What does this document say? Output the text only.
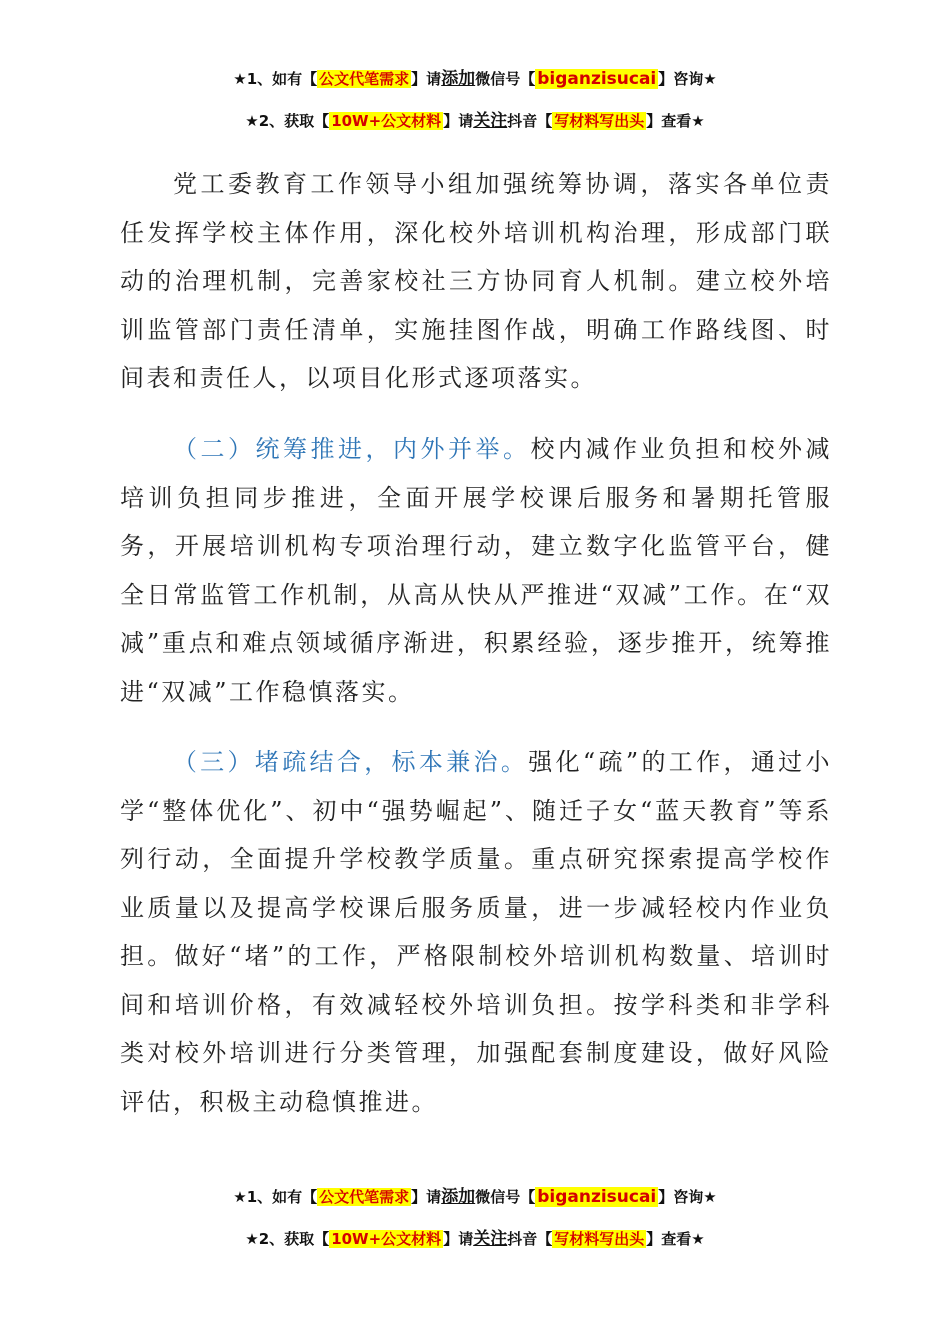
★1、如有【 公文代笔需求 】请添加微信号【 biganzisucai 】咨询★
★2、获取【 10W+公文材料 】请关注抖音【 写材料写出头 】查看★

党工委教育工作领导小组加强统筹协调，落实各单位责任发挥学校主体作用，深化校外培训机构治理，形成部门联动的治理机制，完善家校社三方协同育人机制。建立校外培训监管部门责任清单，实施挂图作战，明确工作路线图、时间表和责任人，以项目化形式逐项落实。

（二）统筹推进，内外并举。校内减作业负担和校外减培训负担同步推进，全面开展学校课后服务和暑期托管服务，开展培训机构专项治理行动，建立数字化监管平台，健全日常监管工作机制，从高从快从严推进“双减”工作。在“双减”重点和难点领域循序渐进，积累经验，逐步推开，统筹推进“双减”工作稳慎落实。

（三）堵疏结合，标本兼治。强化“疏”的工作，通过小学“整体优化”、初中“强势崛起”、随迁子女“蓝天教育”等系列行动，全面提升学校教学质量。重点研究探索提高学校作业质量以及提高学校课后服务质量，进一步减轻校内作业负担。做好“堵”的工作，严格限制校外培训机构数量、培训时间和培训价格，有效减轻校外培训负担。按学科类和非学科类对校外培训进行分类管理，加强配套制度建设，做好风险评估，积极主动稳慎推进。

★1、如有【 公文代笔需求 】请添加微信号【 biganzisucai 】咨询★
★2、获取【 10W+公文材料 】请关注抖音【 写材料写出头 】查看★
